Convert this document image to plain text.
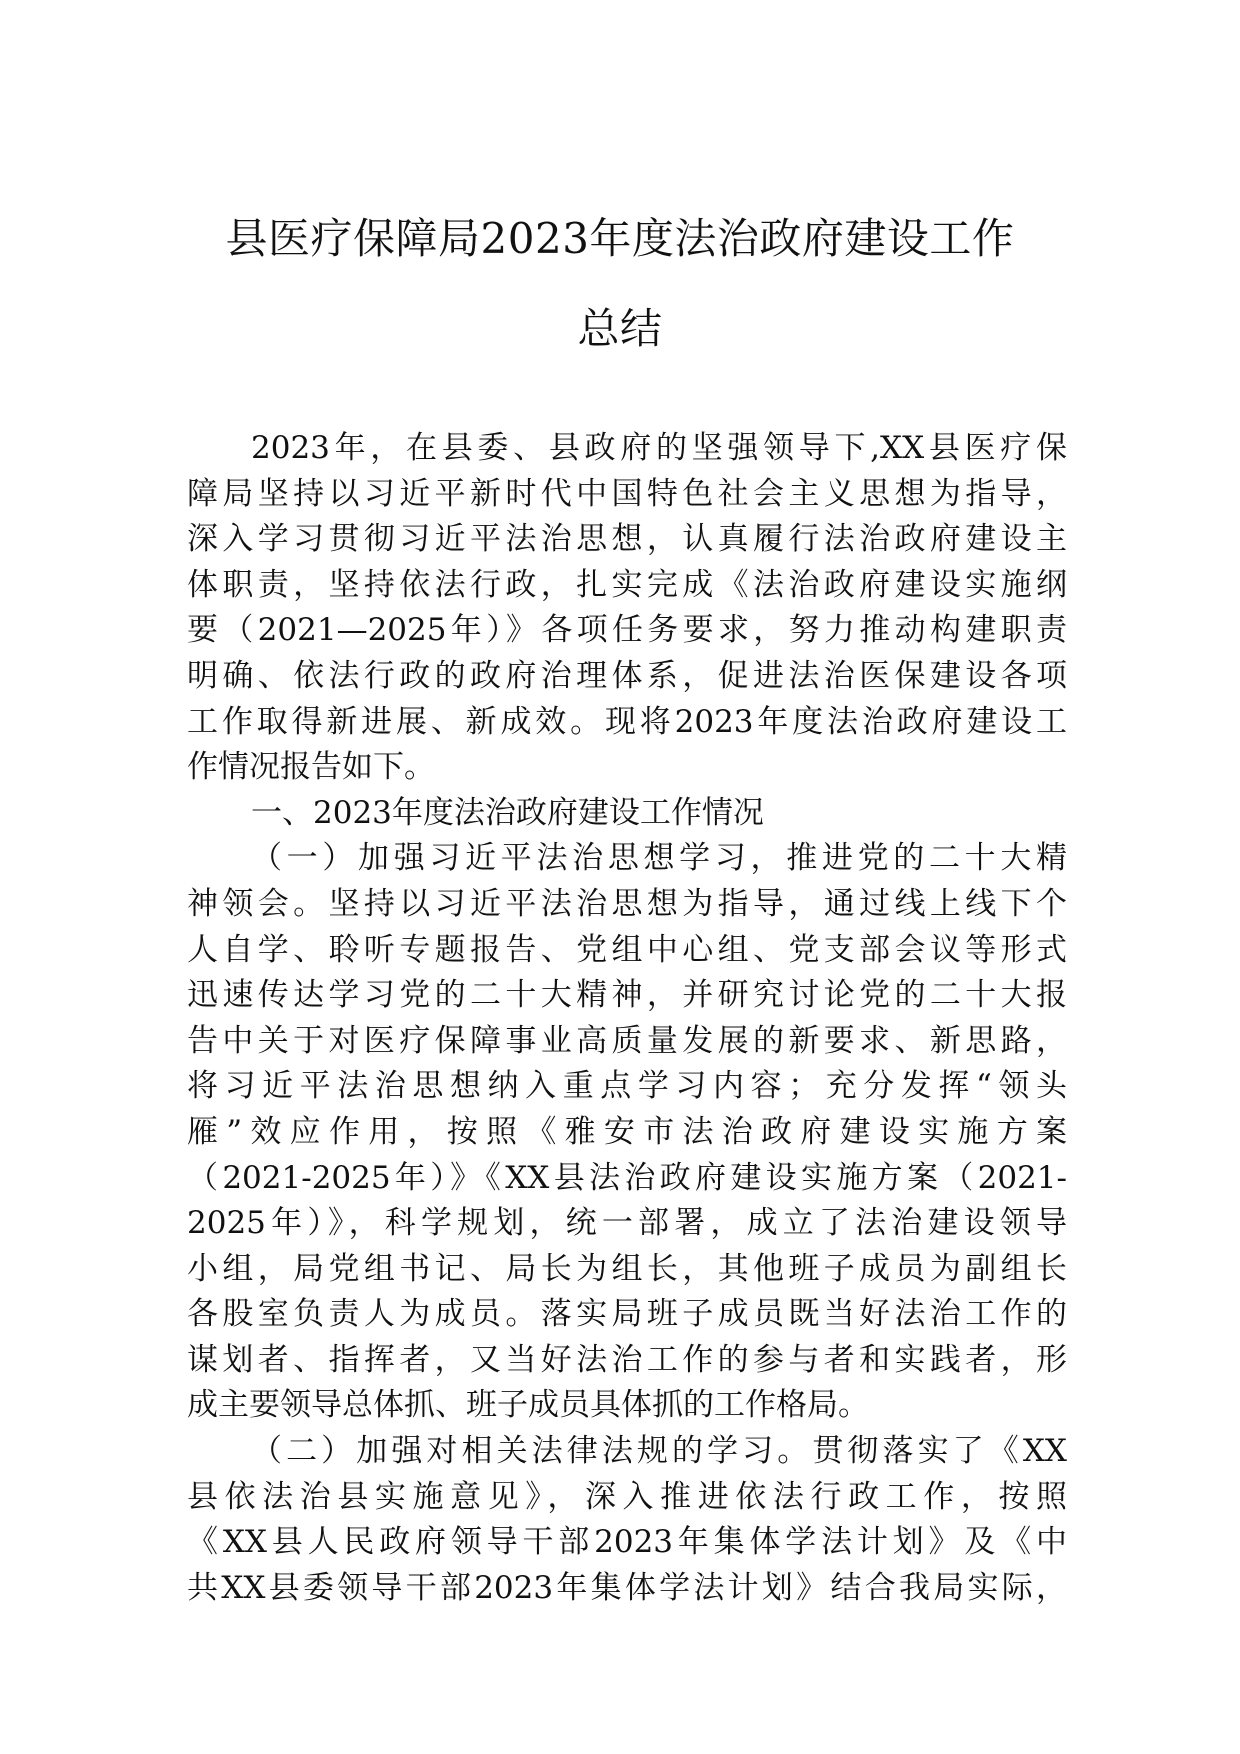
县医疗保障局2023年度法治政府建设工作
总结
2023年，在县委、县政府的坚强领导下,XX县医疗保
障局坚持以习近平新时代中国特色社会主义思想为指导，
深入学习贯彻习近平法治思想，认真履行法治政府建设主
体职责，坚持依法行政，扎实完成《法治政府建设实施纲
要（2021—2025年）》各项任务要求，努力推动构建职责
明确、依法行政的政府治理体系，促进法治医保建设各项
工作取得新进展、新成效。现将2023年度法治政府建设工
作情况报告如下。
一、2023年度法治政府建设工作情况
（一）加强习近平法治思想学习，推进党的二十大精
神领会。坚持以习近平法治思想为指导，通过线上线下个
人自学、聆听专题报告、党组中心组、党支部会议等形式
迅速传达学习党的二十大精神，并研究讨论党的二十大报
告中关于对医疗保障事业高质量发展的新要求、新思路，
将习近平法治思想纳入重点学习内容；充分发挥“领头
雁”效应作用，按照《雅安市法治政府建设实施方案
（2021-2025年）》《XX县法治政府建设实施方案（2021-
2025年）》，科学规划，统一部署，成立了法治建设领导
小组，局党组书记、局长为组长，其他班子成员为副组长
各股室负责人为成员。落实局班子成员既当好法治工作的
谋划者、指挥者，又当好法治工作的参与者和实践者，形
成主要领导总体抓、班子成员具体抓的工作格局。
（二）加强对相关法律法规的学习。贯彻落实了《XX
县依法治县实施意见》，深入推进依法行政工作，按照
《XX县人民政府领导干部2023年集体学法计划》及《中
共XX县委领导干部2023年集体学法计划》结合我局实际，
